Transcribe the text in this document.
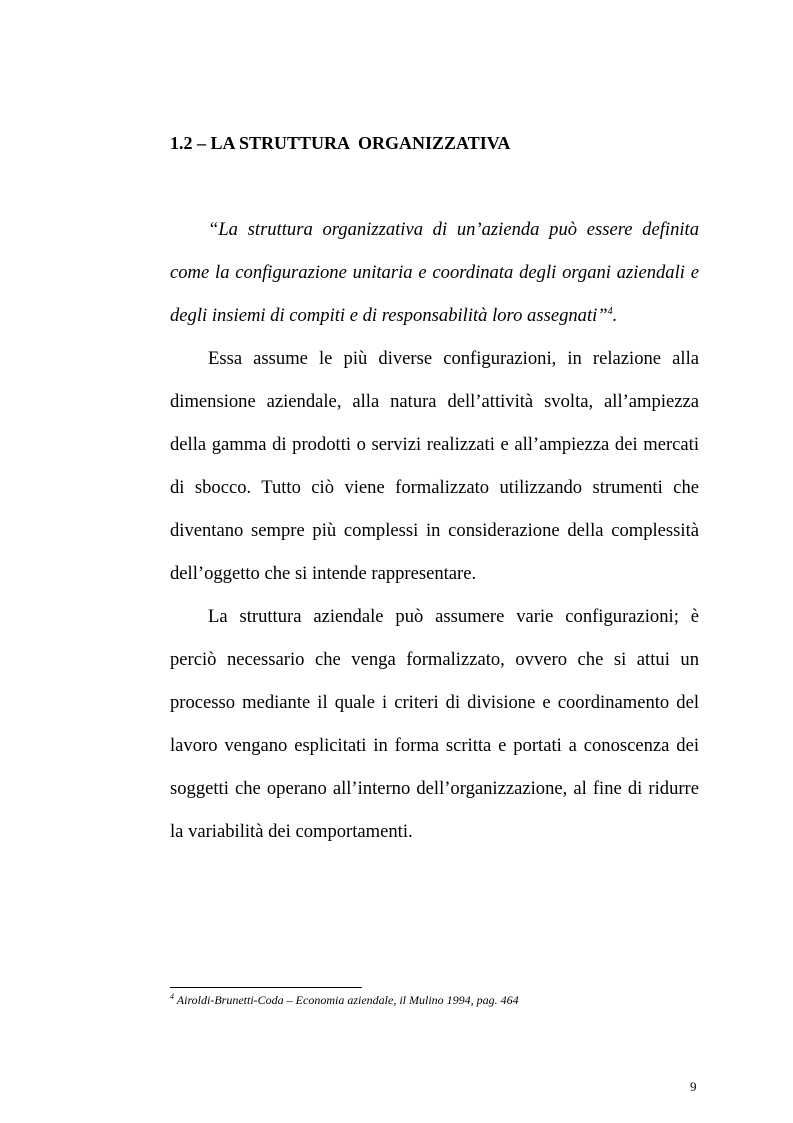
1.2 – LA STRUTTURA  ORGANIZZATIVA

“La struttura organizzativa di un’azienda può essere definita come la configurazione unitaria e coordinata degli organi aziendali e degli insiemi di compiti e di responsabilità loro assegnati”$^4$.

Essa assume le più diverse configurazioni, in relazione alla dimensione aziendale, alla natura dell’attività svolta, all’ampiezza della gamma di prodotti o servizi realizzati e all’ampiezza dei mercati di sbocco. Tutto ciò viene formalizzato utilizzando strumenti che diventano sempre più complessi in considerazione della complessità dell’oggetto che si intende rappresentare.

La struttura aziendale può assumere varie configurazioni; è perciò necessario che venga formalizzato, ovvero che si attui un processo mediante il quale i criteri di divisione e coordinamento del lavoro vengano esplicitati in forma scritta e portati a conoscenza dei soggetti che operano all’interno dell’organizzazione, al fine di ridurre la variabilità dei comportamenti.

$^4$ Airoldi-Brunetti-Coda – Economia aziendale, il Mulino 1994, pag. 464
9
